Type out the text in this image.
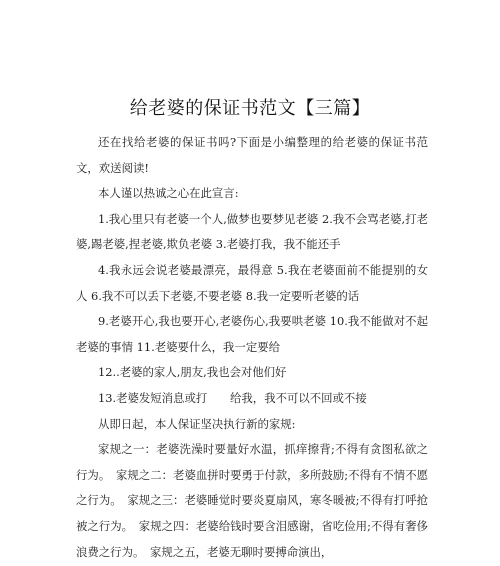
给老婆的保证书范文【三篇】

还在找给老婆的保证书吗?下面是小编整理的给老婆的保证书范文，欢送阅读!

本人谨以热诚之心在此宣言:

1.我心里只有老婆一个人,做梦也要梦见老婆 2.我不会骂老婆,打老婆,踢老婆,捏老婆,欺负老婆 3.老婆打我，我不能还手

4.我永远会说老婆最漂亮，最得意 5.我在老婆面前不能提别的女人 6.我不可以丢下老婆,不要老婆 8.我一定要听老婆的话

9.老婆开心,我也要开心,老婆伤心,我要哄老婆 10.我不能做对不起老婆的事情 11.老婆要什么，我一定要给

12..老婆的家人,朋友,我也会对他们好

13.老婆发短消息或打　　给我，我不可以不回或不接

从即日起，本人保证坚决执行新的家规:

家规之一：老婆洗澡时要量好水温，抓痒擦背;不得有贪图私欲之行为。　家规之二：老婆血拼时要勇于付款，多所鼓励;不得有不情不愿之行为。　家规之三：老婆睡觉时要炎夏扇风，寒冬暖被;不得有打呼抢被之行为。　家规之四：老婆给钱时要含泪感谢，省吃俭用;不得有奢侈浪费之行为。　家规之五，老婆无聊时要搏命演出，
